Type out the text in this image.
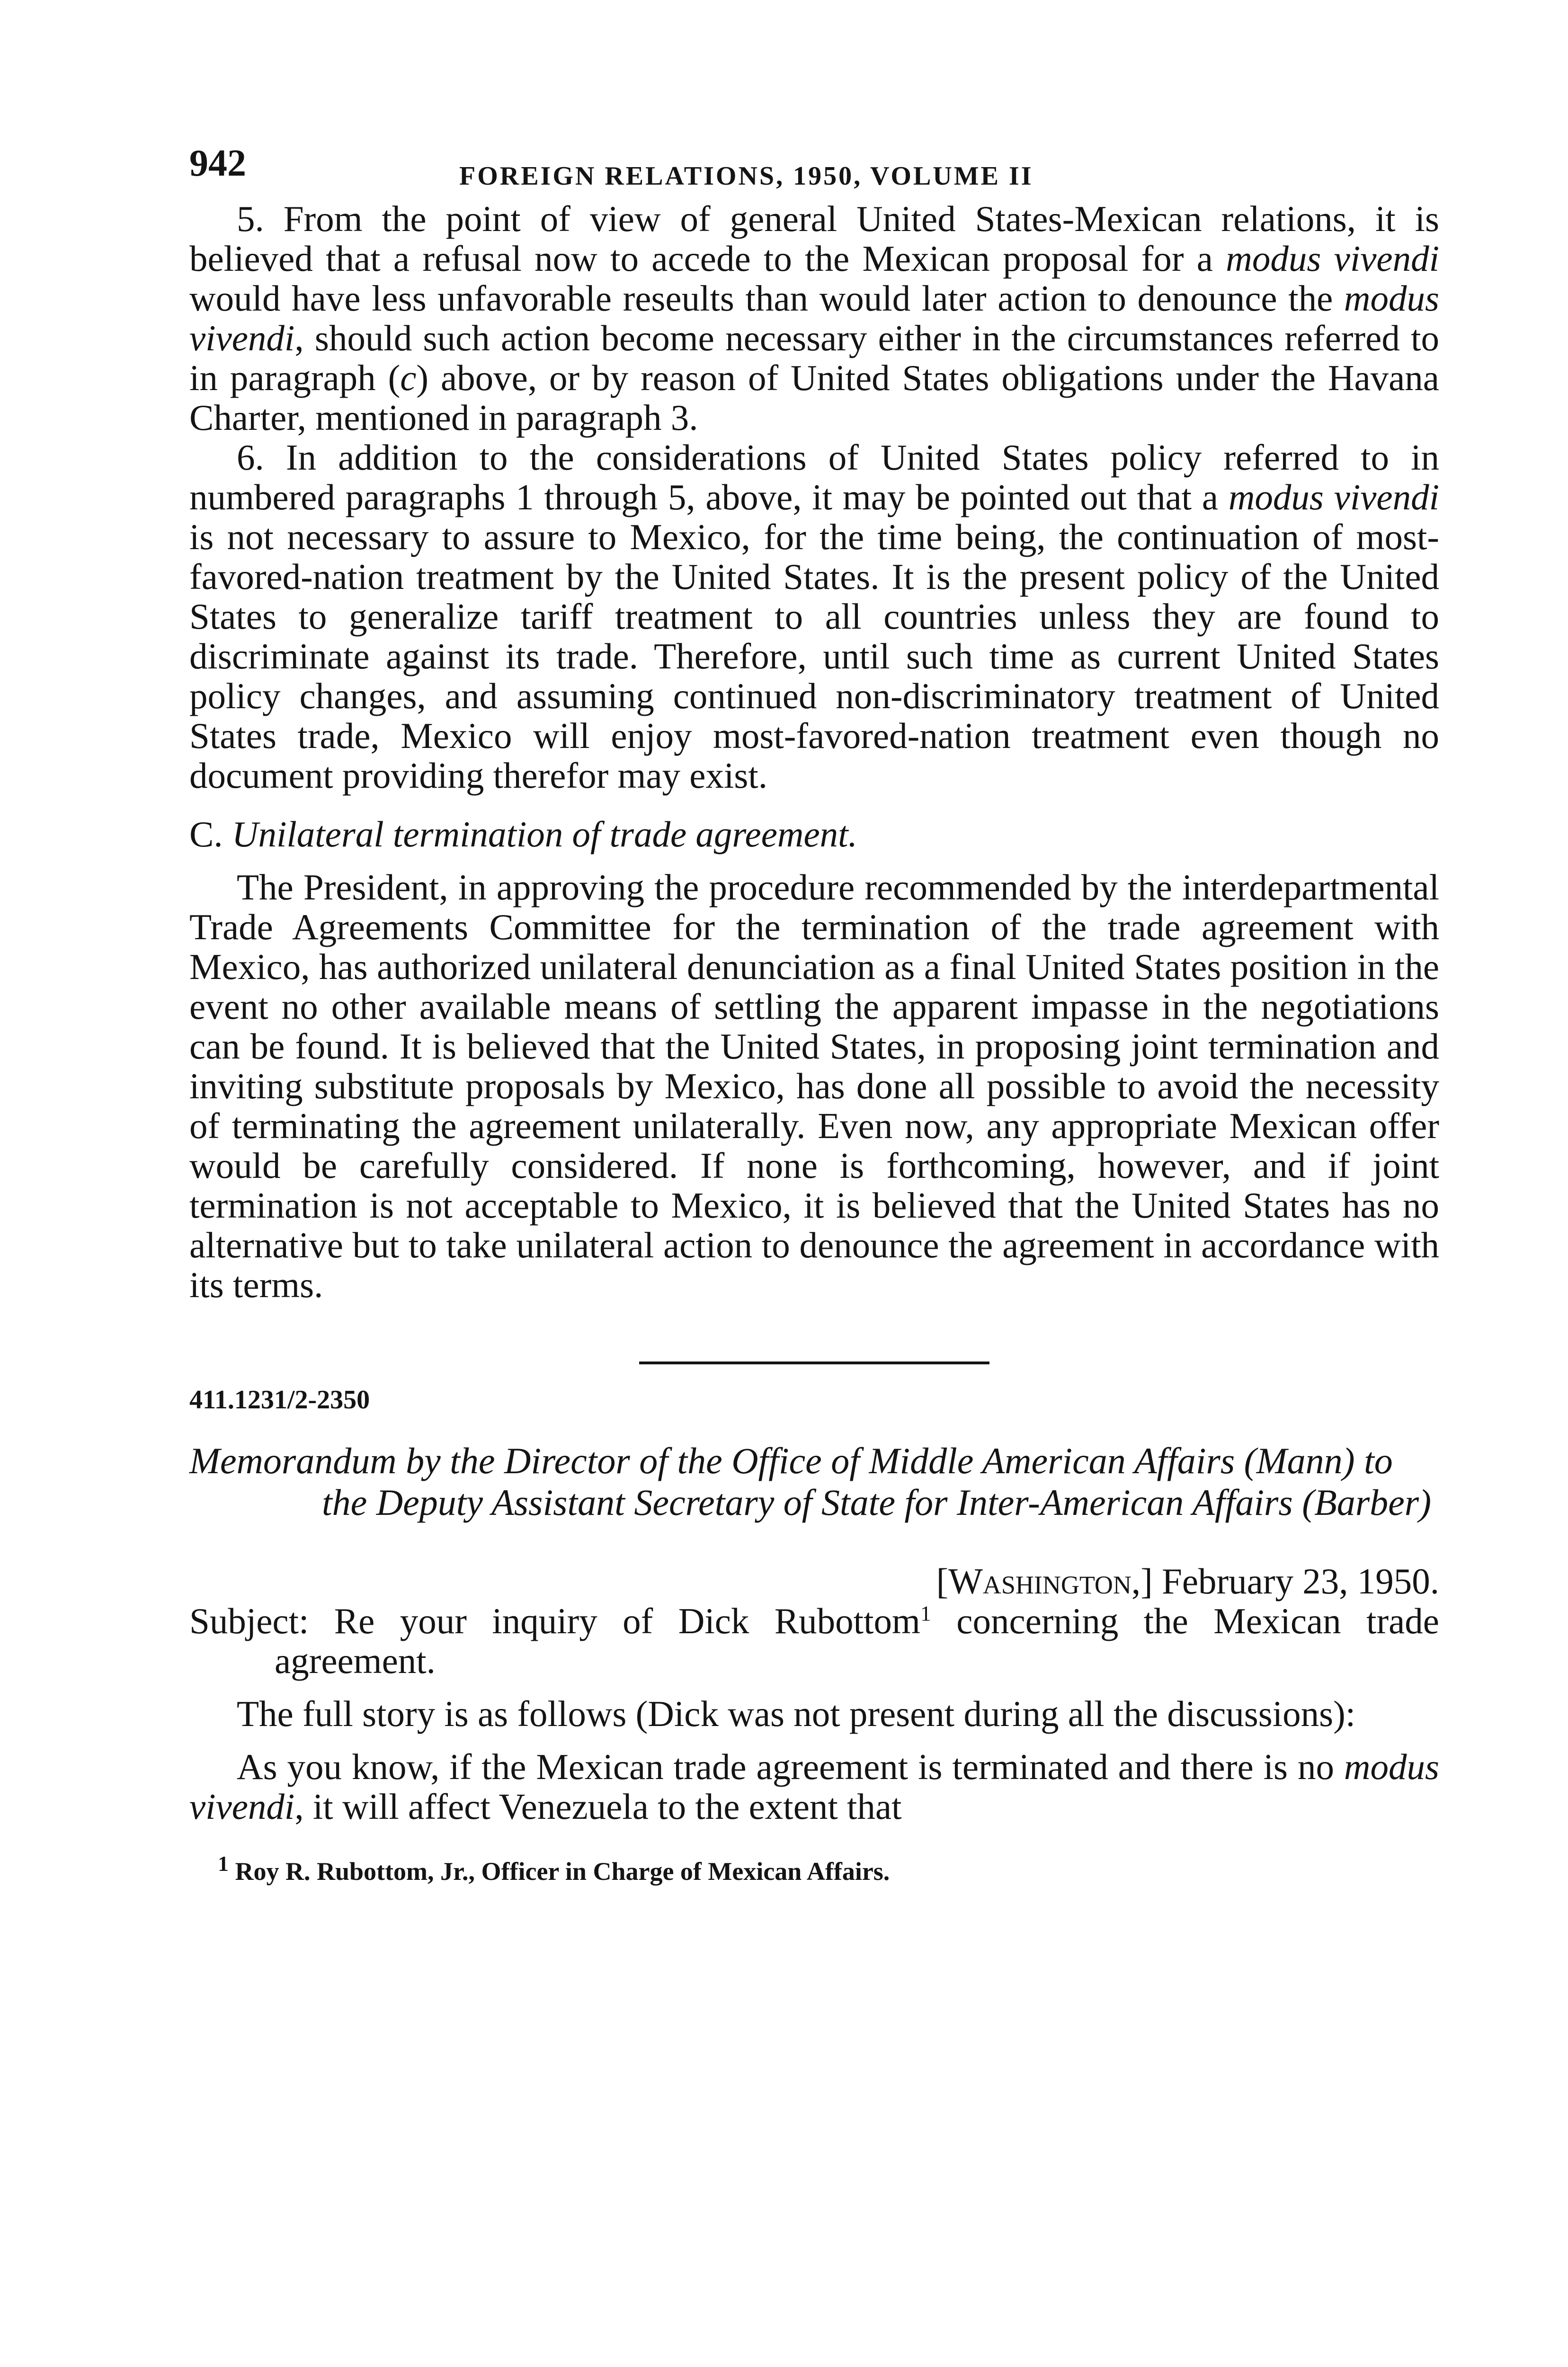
942	FOREIGN RELATIONS, 1950, VOLUME II

5. From the point of view of general United States-Mexican relations, it is believed that a refusal now to accede to the Mexican proposal for a modus vivendi would have less unfavorable reseults than would later action to denounce the modus vivendi, should such action become necessary either in the circumstances referred to in paragraph (c) above, or by reason of United States obligations under the Havana Charter, mentioned in paragraph 3.

6. In addition to the considerations of United States policy referred to in numbered paragraphs 1 through 5, above, it may be pointed out that a modus vivendi is not necessary to assure to Mexico, for the time being, the continuation of most-favored-nation treatment by the United States. It is the present policy of the United States to generalize tariff treatment to all countries unless they are found to discriminate against its trade. Therefore, until such time as current United States policy changes, and assuming continued non-discriminatory treatment of United States trade, Mexico will enjoy most-favored-nation treatment even though no document providing therefor may exist.

C. Unilateral termination of trade agreement.

The President, in approving the procedure recommended by the interdepartmental Trade Agreements Committee for the termination of the trade agreement with Mexico, has authorized unilateral denunciation as a final United States position in the event no other available means of settling the apparent impasse in the negotiations can be found. It is believed that the United States, in proposing joint termination and inviting substitute proposals by Mexico, has done all possible to avoid the necessity of terminating the agreement unilaterally. Even now, any appropriate Mexican offer would be carefully considered. If none is forthcoming, however, and if joint termination is not acceptable to Mexico, it is believed that the United States has no alternative but to take unilateral action to denounce the agreement in accordance with its terms.

411.1231/2-2350
Memorandum by the Director of the Office of Middle American Affairs (Mann) to the Deputy Assistant Secretary of State for Inter-American Affairs (Barber)
[Washington,] February 23, 1950.
Subject: Re your inquiry of Dick Rubottom$^1$ concerning the Mexican trade agreement.

The full story is as follows (Dick was not present during all the discussions):

As you know, if the Mexican trade agreement is terminated and there is no modus vivendi, it will affect Venezuela to the extent that

$^1$ Roy R. Rubottom, Jr., Officer in Charge of Mexican Affairs.
